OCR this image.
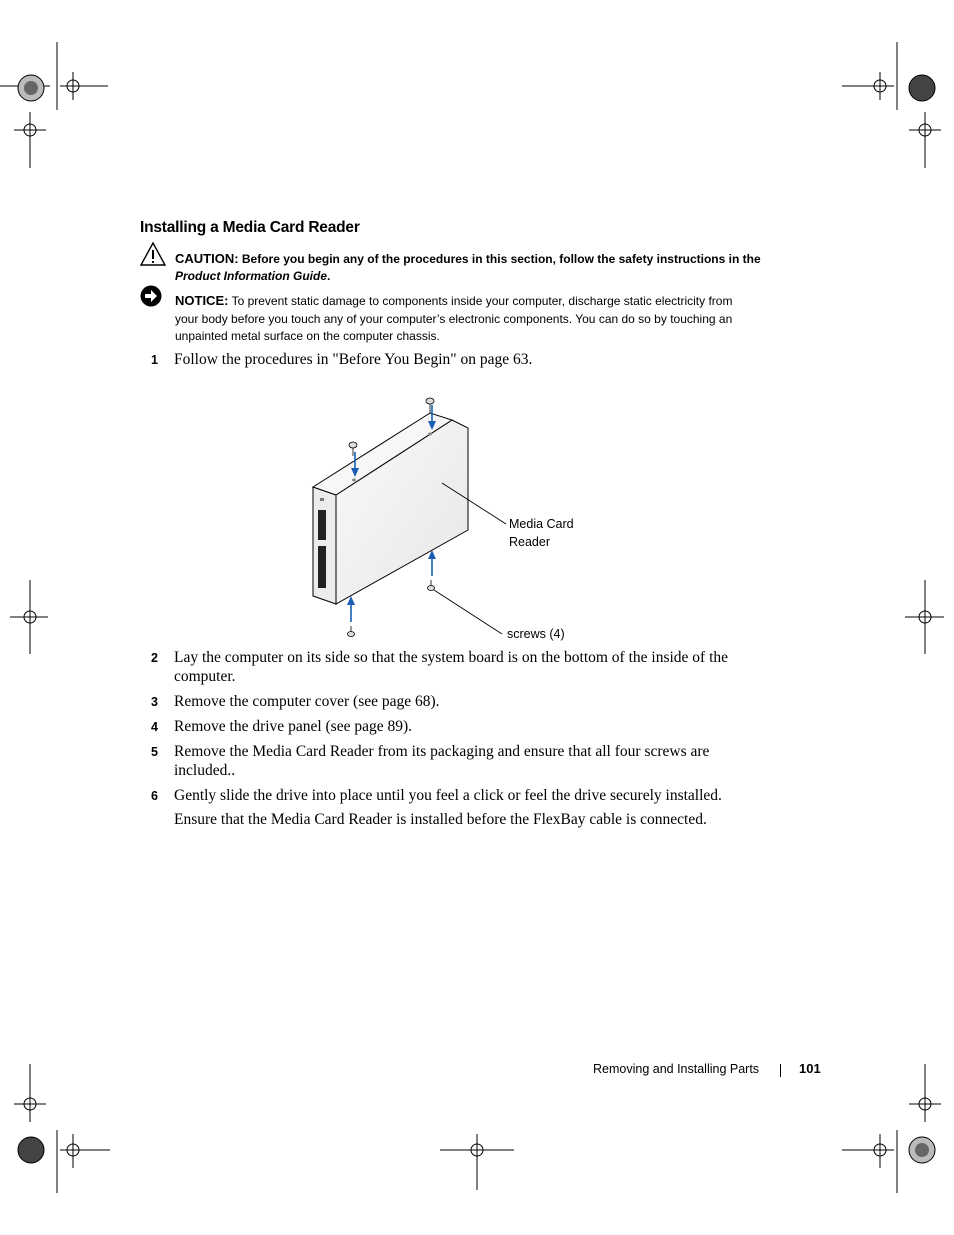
Installing a Media Card Reader
CAUTION: Before you begin any of the procedures in this section, follow the safety instructions in the Product Information Guide.
NOTICE: To prevent static damage to components inside your computer, discharge static electricity from your body before you touch any of your computer’s electronic components. You can do so by touching an unpainted metal surface on the computer chassis.
1 Follow the procedures in "Before You Begin" on page 63.
Media Card Reader
screws (4)
2 Lay the computer on its side so that the system board is on the bottom of the inside of the computer.
3 Remove the computer cover (see page 68).
4 Remove the drive panel (see page 89).
5 Remove the Media Card Reader from its packaging and ensure that all four screws are included..
6 Gently slide the drive into place until you feel a click or feel the drive securely installed.
Ensure that the Media Card Reader is installed before the FlexBay cable is connected.
Removing and Installing Parts	101
